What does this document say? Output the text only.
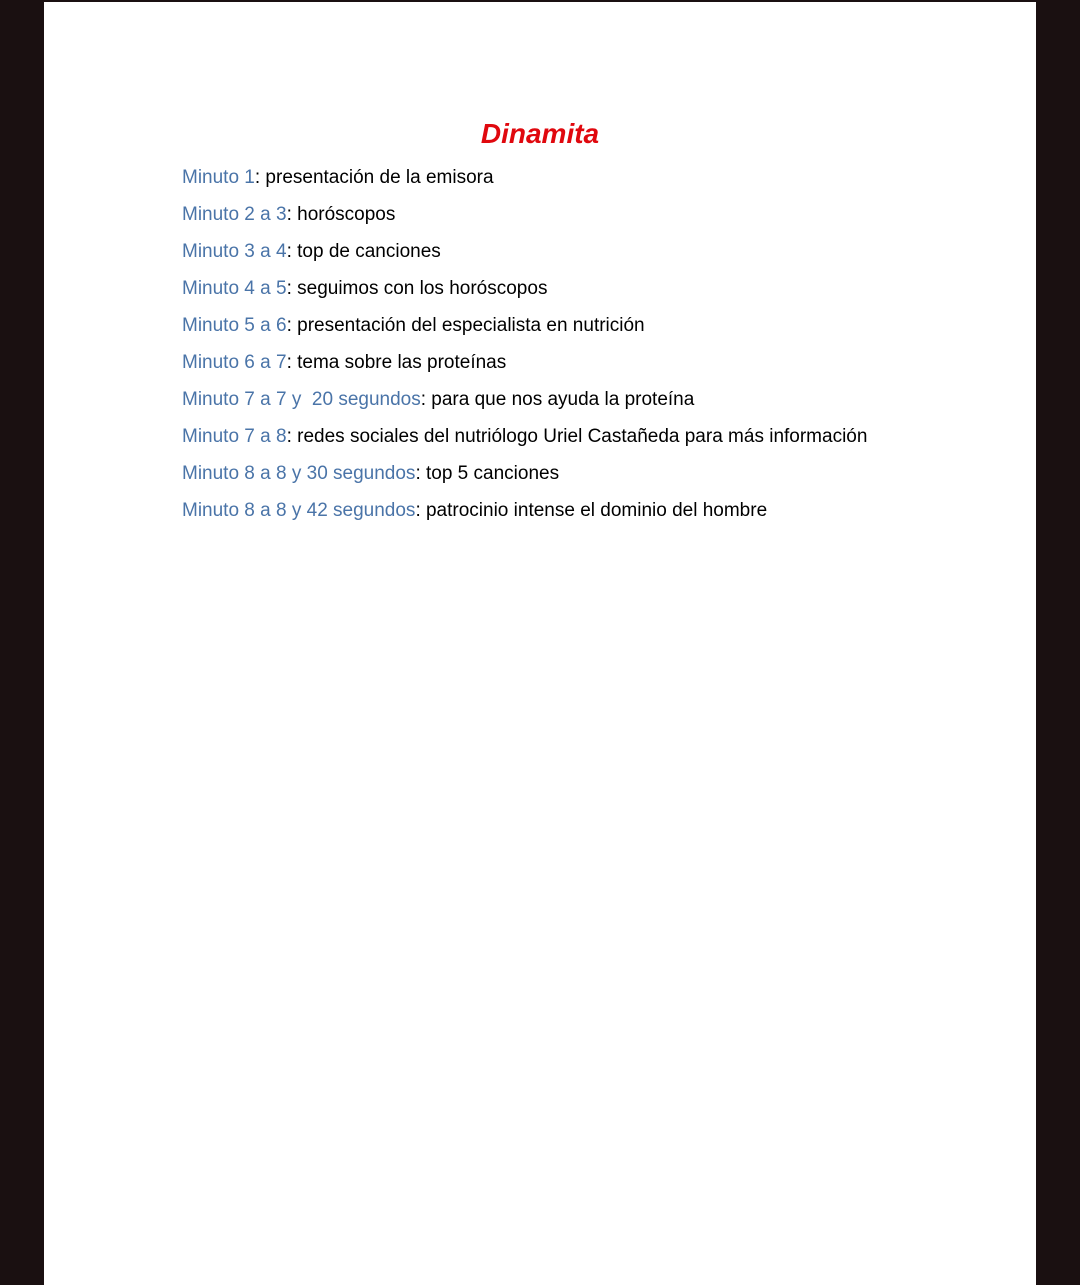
Dinamita
Minuto 1: presentación de la emisora
Minuto 2 a 3: horóscopos
Minuto 3 a 4: top de canciones
Minuto 4 a 5: seguimos con los horóscopos
Minuto 5 a 6: presentación del especialista en nutrición
Minuto 6 a 7: tema sobre las proteínas
Minuto 7 a 7 y  20 segundos: para que nos ayuda la proteína
Minuto 7 a 8: redes sociales del nutriólogo Uriel Castañeda para más información
Minuto 8 a 8 y 30 segundos: top 5 canciones
Minuto 8 a 8 y 42 segundos: patrocinio intense el dominio del hombre
